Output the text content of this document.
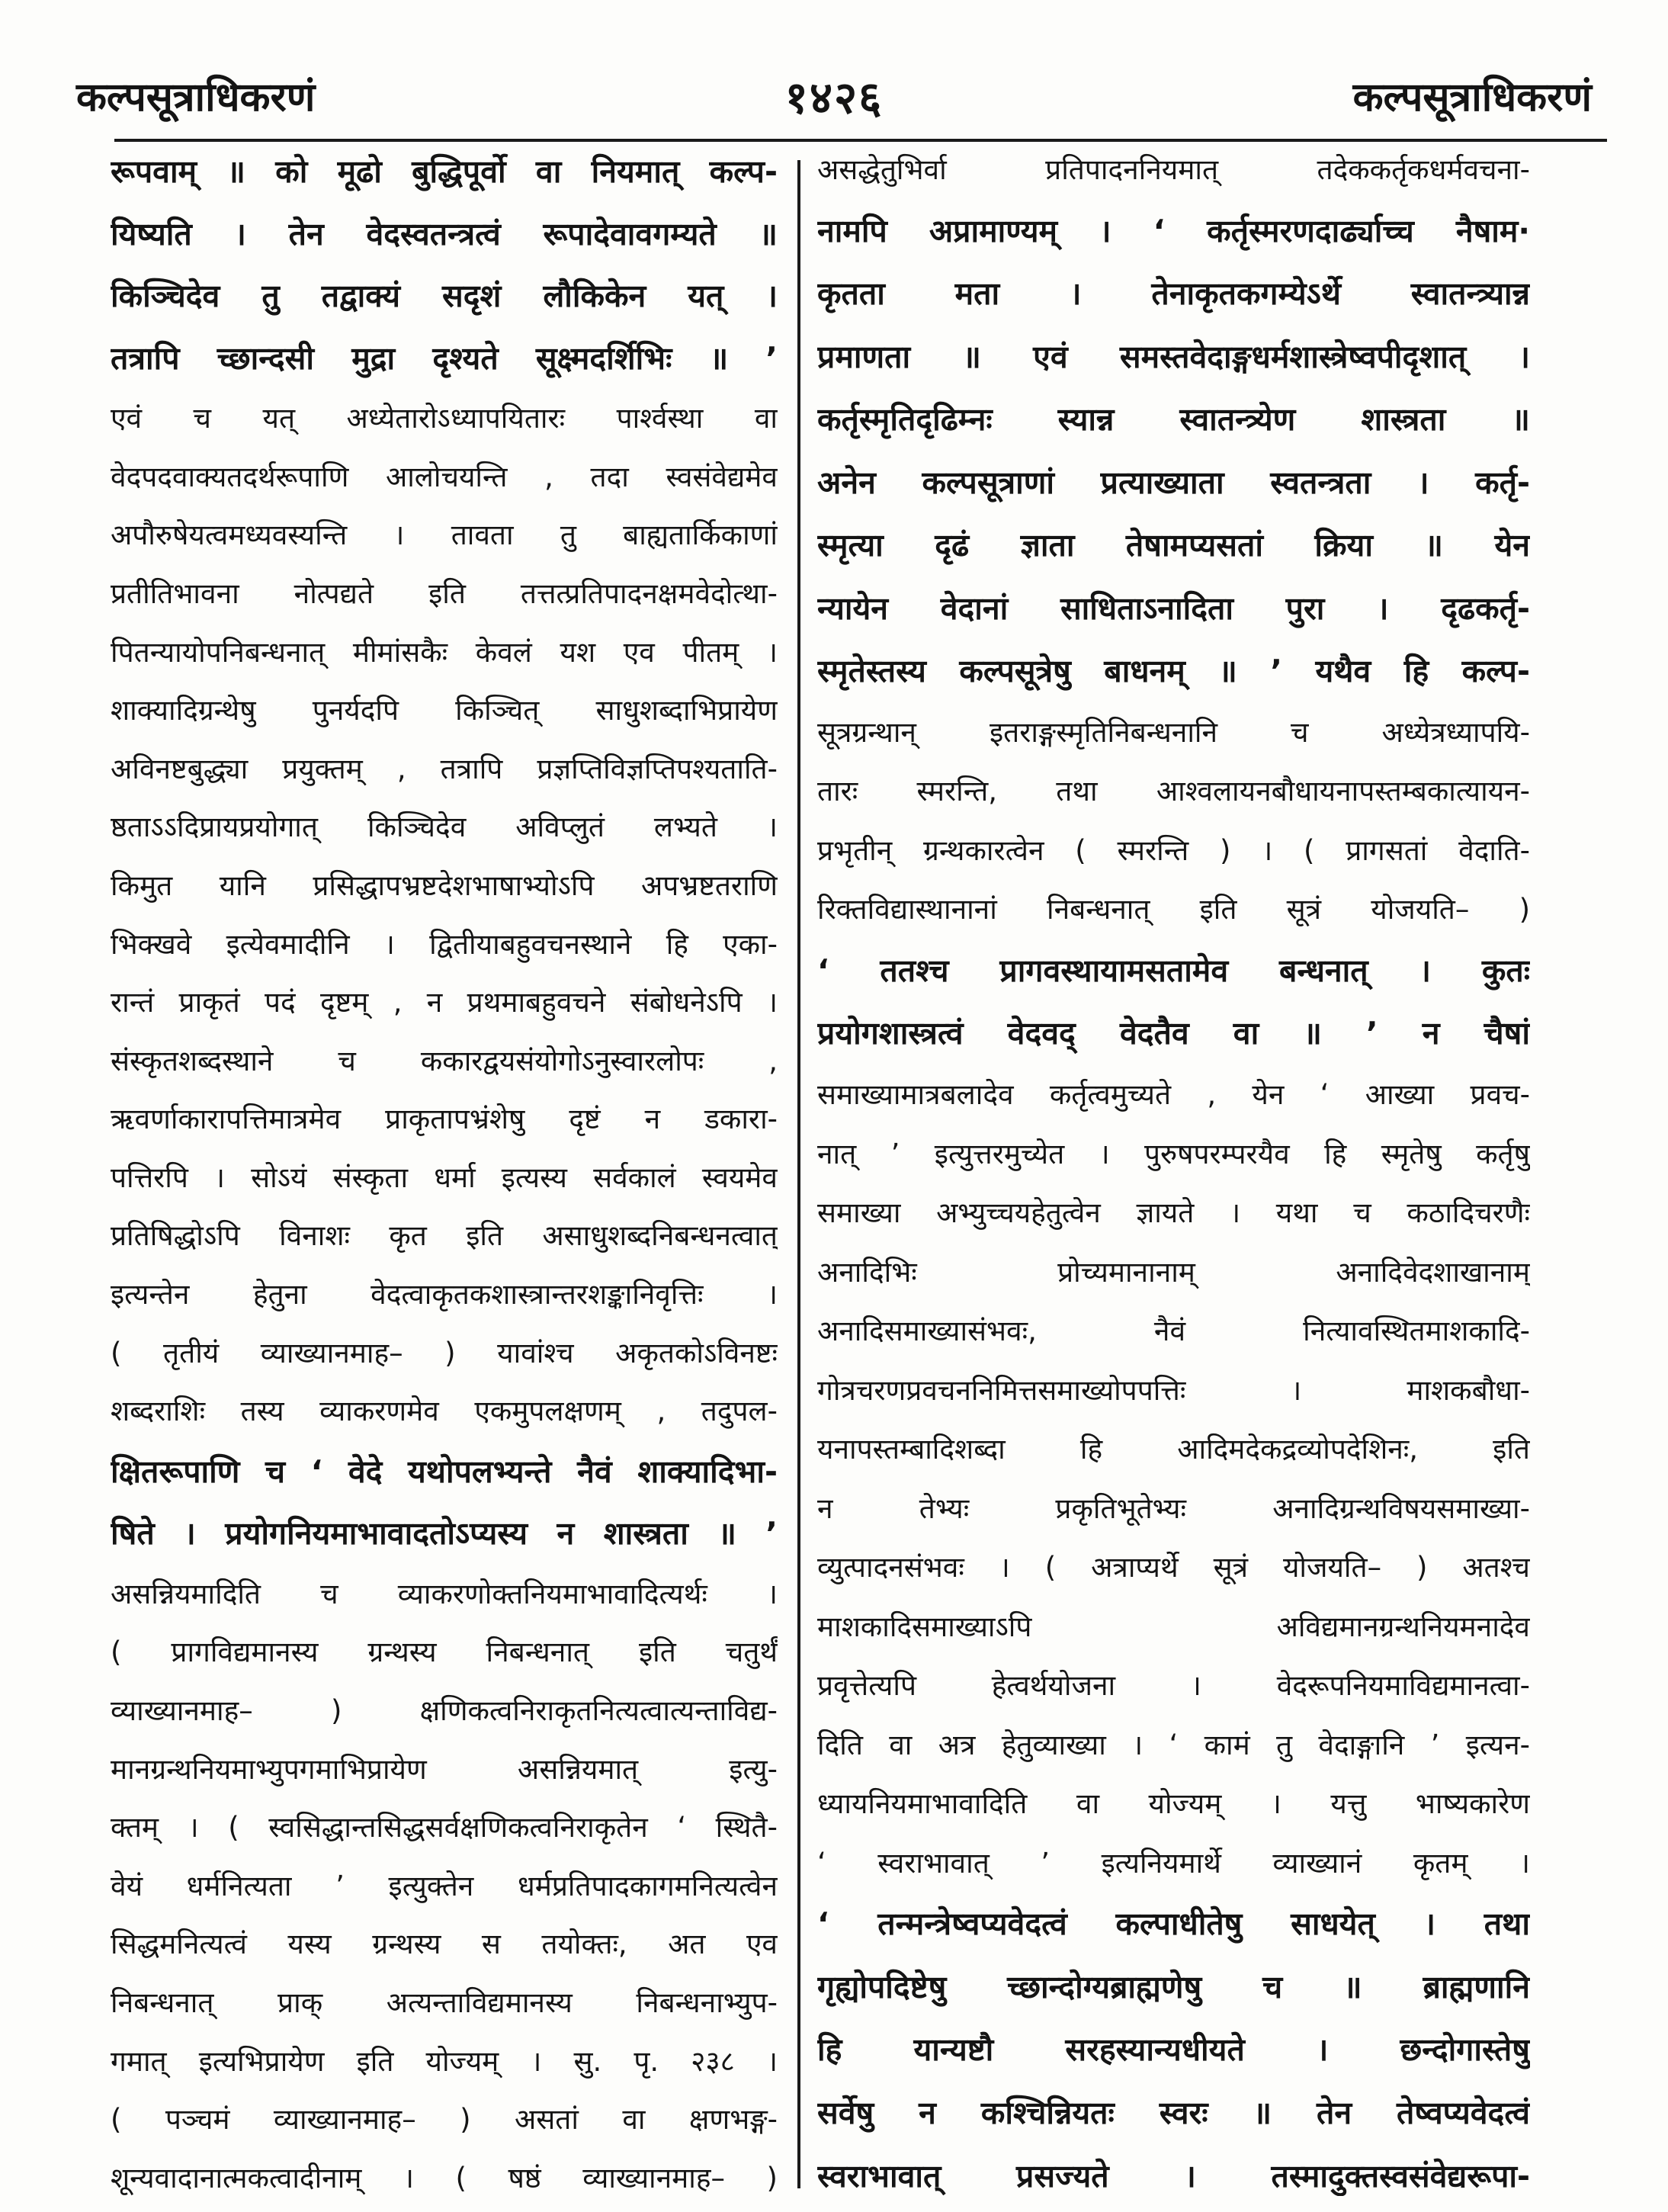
कल्पसूत्राधिकरणं	१४२६	कल्पसूत्राधिकरणं
रूपवाम् ॥ को मूढो बुद्धिपूर्वो वा नियमात् कल्प-
यिष्यति । तेन वेदस्वतन्त्रत्वं रूपादेवावगम्यते ॥
किञ्चिदेव तु तद्वाक्यं सदृशं लौकिकेन यत् ।
तत्रापि च्छान्दसी मुद्रा दृश्यते सूक्ष्मदर्शिभिः ॥ ’
एवं च यत् अध्येतारोऽध्यापयितारः पार्श्वस्था वा
वेदपदवाक्यतदर्थरूपाणि आलोचयन्ति , तदा स्वसंवेद्यमेव
अपौरुषेयत्वमध्यवस्यन्ति । तावता तु बाह्यतार्किकाणां
प्रतीतिभावना नोत्पद्यते इति तत्तत्प्रतिपादनक्षमवेदोत्था-
पितन्यायोपनिबन्धनात् मीमांसकैः केवलं यश एव पीतम् ।
शाक्यादिग्रन्थेषु पुनर्यदपि किञ्चित् साधुशब्दाभिप्रायेण
अविनष्टबुद्ध्या प्रयुक्तम् , तत्रापि प्रज्ञप्तिविज्ञप्तिपश्यताति-
ष्ठताऽऽदिप्रायप्रयोगात् किञ्चिदेव अविप्लुतं लभ्यते ।
किमुत यानि प्रसिद्धापभ्रष्टदेशभाषाभ्योऽपि अपभ्रष्टतराणि
भिक्खवे इत्येवमादीनि । द्वितीयाबहुवचनस्थाने हि एका-
रान्तं प्राकृतं पदं दृष्टम् , न प्रथमाबहुवचने संबोधनेऽपि ।
संस्कृतशब्दस्थाने च ककारद्वयसंयोगोऽनुस्वारलोपः ,
ऋवर्णाकारापत्तिमात्रमेव प्राकृतापभ्रंशेषु दृष्टं न डकारा-
पत्तिरपि । सोऽयं संस्कृता धर्मा इत्यस्य सर्वकालं स्वयमेव
प्रतिषिद्धोऽपि विनाशः कृत इति असाधुशब्दनिबन्धनत्वात्
इत्यन्तेन हेतुना वेदत्वाकृतकशास्त्रान्तरशङ्कानिवृत्तिः ।
( तृतीयं व्याख्यानमाह– ) यावांश्च अकृतकोऽविनष्टः
शब्दराशिः तस्य व्याकरणमेव एकमुपलक्षणम् , तदुपल-
क्षितरूपाणि च ‘ वेदे यथोपलभ्यन्ते नैवं शाक्यादिभा-
षिते । प्रयोगनियमाभावादतोऽप्यस्य न शास्त्रता ॥ ’
असन्नियमादिति च व्याकरणोक्तनियमाभावादित्यर्थः ।
( प्रागविद्यमानस्य ग्रन्थस्य निबन्धनात् इति चतुर्थं
व्याख्यानमाह– ) क्षणिकत्वनिराकृतनित्यत्वात्यन्ताविद्य-
मानग्रन्थनियमाभ्युपगमाभिप्रायेण असन्नियमात् इत्यु-
क्तम् । ( स्वसिद्धान्तसिद्धसर्वक्षणिकत्वनिराकृतेन ‘ स्थितै-
वेयं धर्मनित्यता ’ इत्युक्तेन धर्मप्रतिपादकागमनित्यत्वेन
सिद्धमनित्यत्वं यस्य ग्रन्थस्य स तयोक्तः, अत एव
निबन्धनात् प्राक् अत्यन्ताविद्यमानस्य निबन्धनाभ्युप-
गमात् इत्यभिप्रायेण इति योज्यम् । सु. पृ. २३८ ।
( पञ्चमं व्याख्यानमाह– ) असतां वा क्षणभङ्ग-
शून्यवादानात्मकत्वादीनाम् । ( षष्ठं व्याख्यानमाह– )
असद्धेतुभिर्वा प्रतिपादननियमात् तदेककर्तृकधर्मवचना-
नामपि अप्रामाण्यम् । ‘ कर्तृस्मरणदार्ढ्याच्च नैषाम·
कृतता मता । तेनाकृतकगम्येऽर्थे स्वातन्त्र्यान्न
प्रमाणता ॥ एवं समस्तवेदाङ्गधर्मशास्त्रेष्वपीदृशात् ।
कर्तृस्मृतिदृढिम्नः स्यान्न स्वातन्त्र्येण शास्त्रता ॥
अनेन कल्पसूत्राणां प्रत्याख्याता स्वतन्त्रता । कर्तृ-
स्मृत्या दृढं ज्ञाता तेषामप्यसतां क्रिया ॥ येन
न्यायेन वेदानां साधिताऽनादिता पुरा । दृढकर्तृ-
स्मृतेस्तस्य कल्पसूत्रेषु बाधनम् ॥ ’ यथैव हि कल्प-
सूत्रग्रन्थान् इतराङ्गस्मृतिनिबन्धनानि च अध्येत्रध्यापयि-
तारः स्मरन्ति, तथा आश्वलायनबौधायनापस्तम्बकात्यायन-
प्रभृतीन् ग्रन्थकारत्वेन ( स्मरन्ति ) । ( प्रागसतां वेदाति-
रिक्तविद्यास्थानानां निबन्धनात् इति सूत्रं योजयति– )
‘ ततश्च प्रागवस्थायामसतामेव बन्धनात् । कुतः
प्रयोगशास्त्रत्वं वेदवद् वेदतैव वा ॥ ’ न चैषां
समाख्यामात्रबलादेव कर्तृत्वमुच्यते , येन ‘ आख्या प्रवच-
नात् ’ इत्युत्तरमुच्येत । पुरुषपरम्परयैव हि स्मृतेषु कर्तृषु
समाख्या अभ्युच्चयहेतुत्वेन ज्ञायते । यथा च कठादिचरणैः
अनादिभिः प्रोच्यमानानाम् अनादिवेदशाखानाम्
अनादिसमाख्यासंभवः, नैवं नित्यावस्थितमाशकादि-
गोत्रचरणप्रवचननिमित्तसमाख्योपपत्तिः । माशकबौधा-
यनापस्तम्बादिशब्दा हि आदिमदेकद्रव्योपदेशिनः, इति
न तेभ्यः प्रकृतिभूतेभ्यः अनादिग्रन्थविषयसमाख्या-
व्युत्पादनसंभवः । ( अत्राप्यर्थे सूत्रं योजयति– ) अतश्च
माशकादिसमाख्याऽपि अविद्यमानग्रन्थनियमनादेव
प्रवृत्तेत्यपि हेत्वर्थयोजना । वेदरूपनियमाविद्यमानत्वा-
दिति वा अत्र हेतुव्याख्या । ‘ कामं तु वेदाङ्गानि ’ इत्यन-
ध्यायनियमाभावादिति वा योज्यम् । यत्तु भाष्यकारेण
‘ स्वराभावात् ’ इत्यनियमार्थे व्याख्यानं कृतम् ।
‘ तन्मन्त्रेष्वप्यवेदत्वं कल्पाधीतेषु साधयेत् । तथा
गृह्योपदिष्टेषु च्छान्दोग्यब्राह्मणेषु च ॥ ब्राह्मणानि
हि यान्यष्टौ सरहस्यान्यधीयते । छन्दोगास्तेषु
सर्वेषु न कश्चिन्नियतः स्वरः ॥ तेन तेष्वप्यवेदत्वं
स्वराभावात् प्रसज्यते । तस्मादुक्तस्वसंवेद्यरूपा-
